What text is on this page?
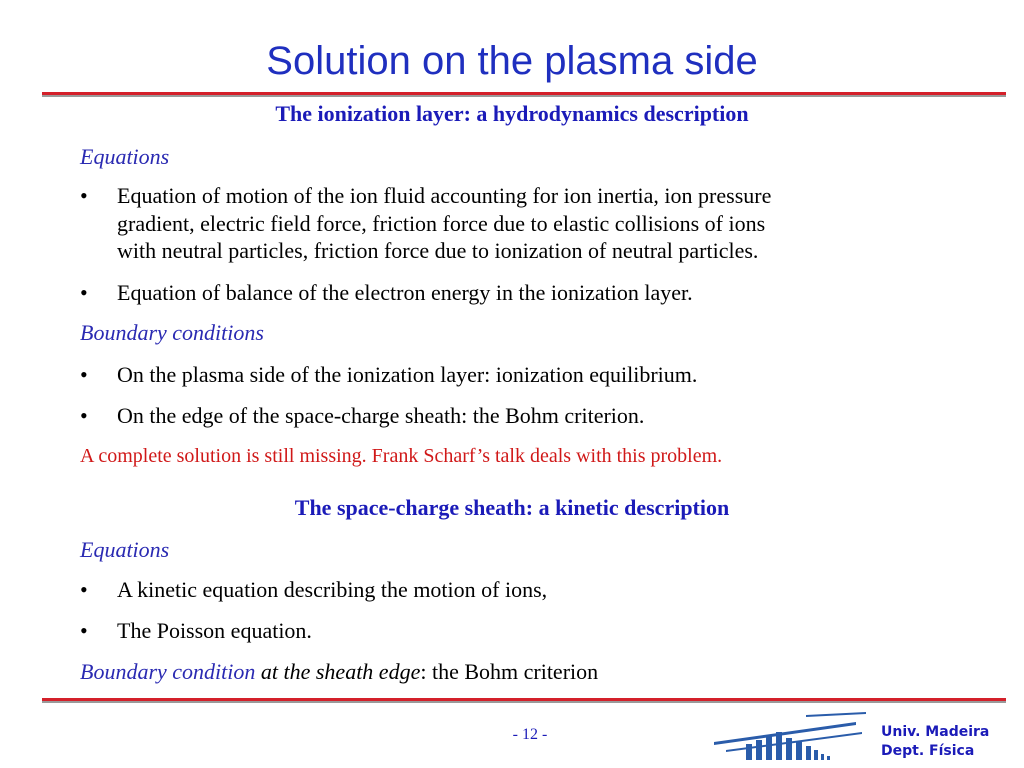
Solution on the plasma side
The ionization layer: a hydrodynamics description
Equations
•	Equation of motion of the ion fluid accounting for ion inertia, ion pressure
gradient, electric field force, friction force due to elastic collisions of ions
with neutral particles, friction force due to ionization of neutral particles.
•	Equation of balance of the electron energy in the ionization layer.
Boundary conditions
•	On the plasma side of the ionization layer: ionization equilibrium.
•	On the edge of the space-charge sheath: the Bohm criterion.
A complete solution is still missing. Frank Scharf’s talk deals with this problem.
The space-charge sheath: a kinetic description
Equations
•	A kinetic equation describing the motion of ions,
•	The Poisson equation.
Boundary condition at the sheath edge: the Bohm criterion
- 12 -	Univ. Madeira
Dept. Física
